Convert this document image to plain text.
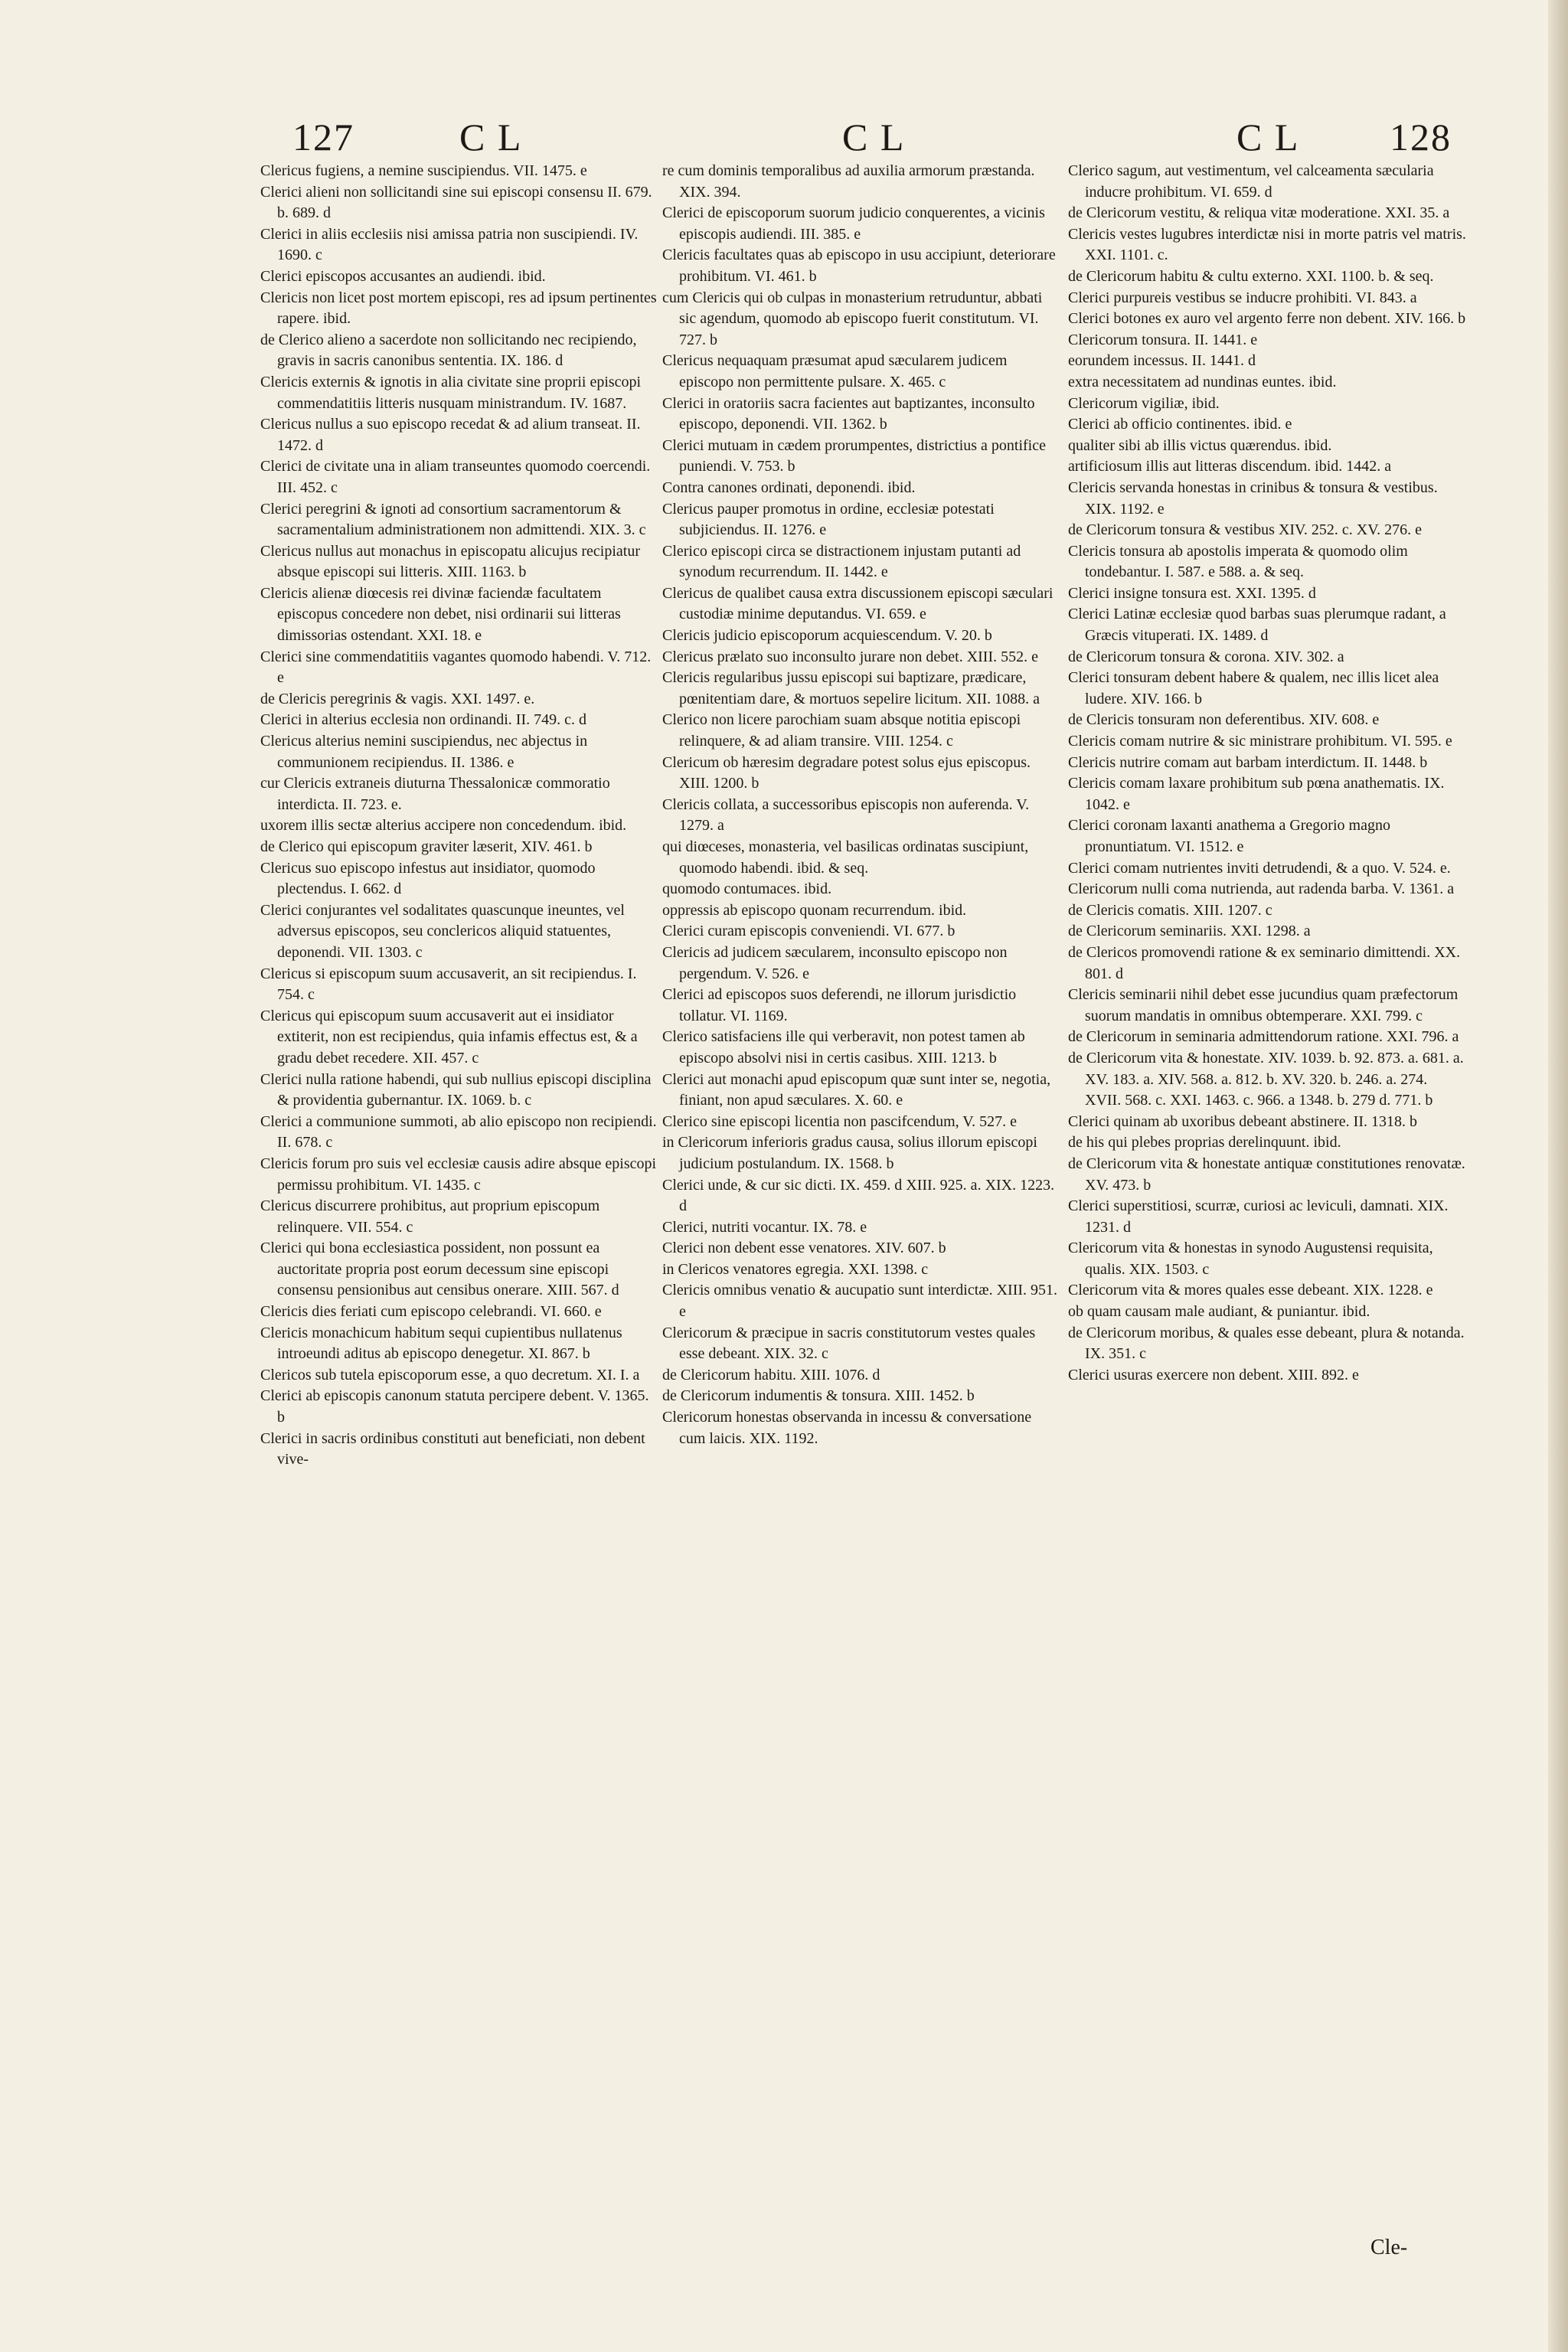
127	C L	C L	C L 128

Clericus fugiens, a nemine suscipiendus. VII. 1475. e

Clerici alieni non sollicitandi sine sui episcopi consensu II. 679. b. 689. d

Clerici in aliis ecclesiis nisi amissa patria non suscipiendi. IV. 1690. c

Clerici episcopos accusantes an audiendi. ibid.

Clericis non licet post mortem episcopi, res ad ipsum pertinentes rapere. ibid.

de Clerico alieno a sacerdote non sollicitando nec recipiendo, gravis in sacris canonibus sententia. IX. 186. d

Clericis externis & ignotis in alia civitate sine proprii episcopi commendatitiis litteris nusquam ministrandum. IV. 1687.

Clericus nullus a suo episcopo recedat & ad alium transeat. II. 1472. d

Clerici de civitate una in aliam transeuntes quomodo coercendi. III. 452. c

Clerici peregrini & ignoti ad consortium sacramentorum & sacramentalium administrationem non admittendi. XIX. 3. c

Clericus nullus aut monachus in episcopatu alicujus recipiatur absque episcopi sui litteris. XIII. 1163. b

Clericis alienæ diœcesis rei divinæ faciendæ facultatem episcopus concedere non debet, nisi ordinarii sui litteras dimissorias ostendant. XXI. 18. e

Clerici sine commendatitiis vagantes quomodo habendi. V. 712. e

de Clericis peregrinis & vagis. XXI. 1497. e.

Clerici in alterius ecclesia non ordinandi. II. 749. c. d

Clericus alterius nemini suscipiendus, nec abjectus in communionem recipiendus. II. 1386. e

cur Clericis extraneis diuturna Thessalonicæ commoratio interdicta. II. 723. e.

uxorem illis sectæ alterius accipere non concedendum. ibid.

de Clerico qui episcopum graviter læserit, XIV. 461. b

Clericus suo episcopo infestus aut insidiator, quomodo plectendus. I. 662. d

Clerici conjurantes vel sodalitates quascunque ineuntes, vel adversus episcopos, seu conclericos aliquid statuentes, deponendi. VII. 1303. c

Clericus si episcopum suum accusaverit, an sit recipiendus. I. 754. c

Clericus qui episcopum suum accusaverit aut ei insidiator extiterit, non est recipiendus, quia infamis effectus est, & a gradu debet recedere. XII. 457. c

Clerici nulla ratione habendi, qui sub nullius episcopi disciplina & providentia gubernantur. IX. 1069. b. c

Clerici a communione summoti, ab alio episcopo non recipiendi. II. 678. c

Clericis forum pro suis vel ecclesiæ causis adire absque episcopi permissu prohibitum. VI. 1435. c

Clericus discurrere prohibitus, aut proprium episcopum relinquere. VII. 554. c

Clerici qui bona ecclesiastica possident, non possunt ea auctoritate propria post eorum decessum sine episcopi consensu pensionibus aut censibus onerare. XIII. 567. d

Clericis dies feriati cum episcopo celebrandi. VI. 660. e

Clericis monachicum habitum sequi cupientibus nullatenus introeundi aditus ab episcopo denegetur. XI. 867. b

Clericos sub tutela episcoporum esse, a quo decretum. XI. I. a

Clerici ab episcopis canonum statuta percipere debent. V. 1365. b

Clerici in sacris ordinibus constituti aut beneficiati, non debent vive-

re cum dominis temporalibus ad auxilia armorum præstanda. XIX. 394.

Clerici de episcoporum suorum judicio conquerentes, a vicinis episcopis audiendi. III. 385. e

Clericis facultates quas ab episcopo in usu accipiunt, deteriorare prohibitum. VI. 461. b

cum Clericis qui ob culpas in monasterium retruduntur, abbati sic agendum, quomodo ab episcopo fuerit constitutum. VI. 727. b

Clericus nequaquam præsumat apud sæcularem judicem episcopo non permittente pulsare. X. 465. c

Clerici in oratoriis sacra facientes aut baptizantes, inconsulto episcopo, deponendi. VII. 1362. b

Clerici mutuam in cædem prorumpentes, districtius a pontifice puniendi. V. 753. b

Contra canones ordinati, deponendi. ibid.

Clericus pauper promotus in ordine, ecclesiæ potestati subjiciendus. II. 1276. e

Clerico episcopi circa se distractionem injustam putanti ad synodum recurrendum. II. 1442. e

Clericus de qualibet causa extra discussionem episcopi sæculari custodiæ minime deputandus. VI. 659. e

Clericis judicio episcoporum acquiescendum. V. 20. b

Clericus prælato suo inconsulto jurare non debet. XIII. 552. e

Clericis regularibus jussu episcopi sui baptizare, prædicare, pœnitentiam dare, & mortuos sepelire licitum. XII. 1088. a

Clerico non licere parochiam suam absque notitia episcopi relinquere, & ad aliam transire. VIII. 1254. c

Clericum ob hæresim degradare potest solus ejus episcopus. XIII. 1200. b

Clericis collata, a successoribus episcopis non auferenda. V. 1279. a

qui diœceses, monasteria, vel basilicas ordinatas suscipiunt, quomodo habendi. ibid. & seq.

quomodo contumaces. ibid.

oppressis ab episcopo quonam recurrendum. ibid.

Clerici curam episcopis conveniendi. VI. 677. b

Clericis ad judicem sæcularem, inconsulto episcopo non pergendum. V. 526. e

Clerici ad episcopos suos deferendi, ne illorum jurisdictio tollatur. VI. 1169.

Clerico satisfaciens ille qui verberavit, non potest tamen ab episcopo absolvi nisi in certis casibus. XIII. 1213. b

Clerici aut monachi apud episcopum quæ sunt inter se, negotia, finiant, non apud sæculares. X. 60. e

Clerico sine episcopi licentia non pascifcendum, V. 527. e

in Clericorum inferioris gradus causa, solius illorum episcopi judicium postulandum. IX. 1568. b

Clerici unde, & cur sic dicti. IX. 459. d XIII. 925. a. XIX. 1223. d

Clerici, nutriti vocantur. IX. 78. e

Clerici non debent esse venatores. XIV. 607. b

in Clericos venatores egregia. XXI. 1398. c

Clericis omnibus venatio & aucupatio sunt interdictæ. XIII. 951. e

Clericorum & præcipue in sacris constitutorum vestes quales esse debeant. XIX. 32. c

de Clericorum habitu. XIII. 1076. d

de Clericorum indumentis & tonsura. XIII. 1452. b

Clericorum honestas observanda in incessu & conversatione cum laicis. XIX. 1192.

Clerico sagum, aut vestimentum, vel calceamenta sæcularia inducre prohibitum. VI. 659. d

de Clericorum vestitu, & reliqua vitæ moderatione. XXI. 35. a

Clericis vestes lugubres interdictæ nisi in morte patris vel matris. XXI. 1101. c.

de Clericorum habitu & cultu externo. XXI. 1100. b. & seq.

Clerici purpureis vestibus se inducre prohibiti. VI. 843. a

Clerici botones ex auro vel argento ferre non debent. XIV. 166. b

Clericorum tonsura. II. 1441. e

eorundem incessus. II. 1441. d

extra necessitatem ad nundinas euntes. ibid.

Clericorum vigiliæ, ibid.

Clerici ab officio continentes. ibid. e

qualiter sibi ab illis victus quærendus. ibid.

artificiosum illis aut litteras discendum. ibid. 1442. a

Clericis servanda honestas in crinibus & tonsura & vestibus. XIX. 1192. e

de Clericorum tonsura & vestibus XIV. 252. c. XV. 276. e

Clericis tonsura ab apostolis imperata & quomodo olim tondebantur. I. 587. e 588. a. & seq.

Clerici insigne tonsura est. XXI. 1395. d

Clerici Latinæ ecclesiæ quod barbas suas plerumque radant, a Græcis vituperati. IX. 1489. d

de Clericorum tonsura & corona. XIV. 302. a

Clerici tonsuram debent habere & qualem, nec illis licet alea ludere. XIV. 166. b

de Clericis tonsuram non deferentibus. XIV. 608. e

Clericis comam nutrire & sic ministrare prohibitum. VI. 595. e

Clericis nutrire comam aut barbam interdictum. II. 1448. b

Clericis comam laxare prohibitum sub pœna anathematis. IX. 1042. e

Clerici coronam laxanti anathema a Gregorio magno pronuntiatum. VI. 1512. e

Clerici comam nutrientes inviti detrudendi, & a quo. V. 524. e.

Clericorum nulli coma nutrienda, aut radenda barba. V. 1361. a

de Clericis comatis. XIII. 1207. c

de Clericorum seminariis. XXI. 1298. a

de Clericos promovendi ratione & ex seminario dimittendi. XX. 801. d

Clericis seminarii nihil debet esse jucundius quam præfectorum suorum mandatis in omnibus obtemperare. XXI. 799. c

de Clericorum in seminaria admittendorum ratione. XXI. 796. a

de Clericorum vita & honestate. XIV. 1039. b. 92. 873. a. 681. a. XV. 183. a. XIV. 568. a. 812. b. XV. 320. b. 246. a. 274. XVII. 568. c. XXI. 1463. c. 966. a 1348. b. 279 d. 771. b

Clerici quinam ab uxoribus debeant abstinere. II. 1318. b

de his qui plebes proprias derelinquunt. ibid.

de Clericorum vita & honestate antiquæ constitutiones renovatæ. XV. 473. b

Clerici superstitiosi, scurræ, curiosi ac leviculi, damnati. XIX. 1231. d

Clericorum vita & honestas in synodo Augustensi requisita, qualis. XIX. 1503. c

Clericorum vita & mores quales esse debeant. XIX. 1228. e

ob quam causam male audiant, & puniantur. ibid.

de Clericorum moribus, & quales esse debeant, plura & notanda. IX. 351. c

Clerici usuras exercere non debent. XIII. 892. e

Cle-
